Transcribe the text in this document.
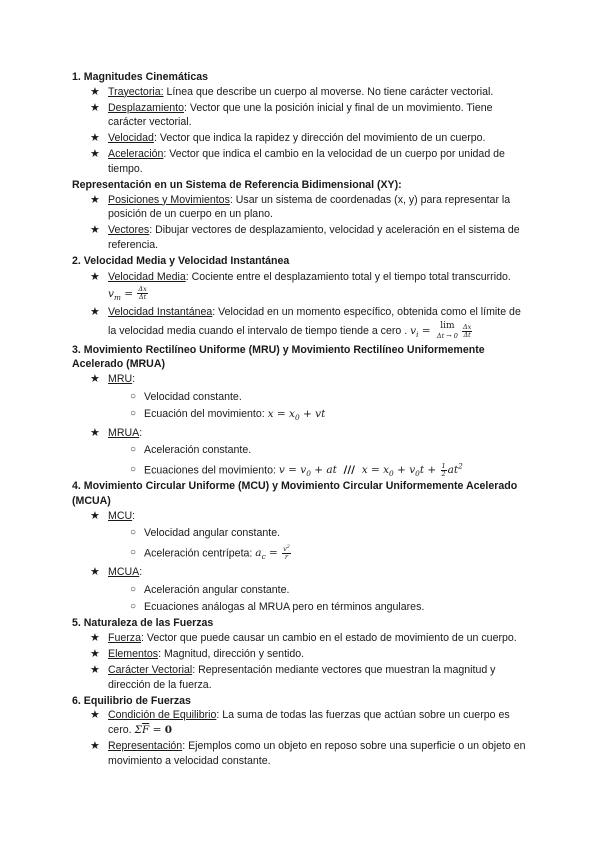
1. Magnitudes Cinemáticas
★ Trayectoria: Línea que describe un cuerpo al moverse. No tiene carácter vectorial.
★ Desplazamiento: Vector que une la posición inicial y final de un movimiento. Tiene carácter vectorial.
★ Velocidad: Vector que indica la rapidez y dirección del movimiento de un cuerpo.
★ Aceleración: Vector que indica el cambio en la velocidad de un cuerpo por unidad de tiempo.
Representación en un Sistema de Referencia Bidimensional (XY):
★ Posiciones y Movimientos: Usar un sistema de coordenadas (x, y) para representar la posición de un cuerpo en un plano.
★ Vectores: Dibujar vectores de desplazamiento, velocidad y aceleración en el sistema de referencia.
2. Velocidad Media y Velocidad Instantánea
★ Velocidad Media: Cociente entre el desplazamiento total y el tiempo total transcurrido. $v_m = \frac{\Delta x}{\Delta t}$
★ Velocidad Instantánea: Velocidad en un momento específico, obtenida como el límite de la velocidad media cuando el intervalo de tiempo tiende a cero . $v_i = \lim$
$\Delta t \to 0 \frac{\Delta x}{\Delta t}$
3. Movimiento Rectilíneo Uniforme (MRU) y Movimiento Rectilíneo Uniformemente Acelerado (MRUA)
★ MRU:
○ Velocidad constante.
○ Ecuación del movimiento: $x = x_0$ + vt
★ MRUA:
○ Aceleración constante.
○ Ecuaciones del movimiento: $v = v_0$ + at  ///  $x = x_0 + v_0t + \frac{1}{2} at^2$
4. Movimiento Circular Uniforme (MCU) y Movimiento Circular Uniformemente Acelerado (MCUA)
★ MCU:
○ Velocidad angular constante.
○ Aceleración centrípeta: $a_c = \frac{v^2}{r}$
★ MCUA:
○ Aceleración angular constante.
○ Ecuaciones análogas al MRUA pero en términos angulares.
5. Naturaleza de las Fuerzas
★ Fuerza: Vector que puede causar un cambio en el estado de movimiento de un cuerpo.
★ Elementos: Magnitud, dirección y sentido.
★ Carácter Vectorial: Representación mediante vectores que muestran la magnitud y dirección de la fuerza.
6. Equilibrio de Fuerzas
★ Condición de Equilibrio: La suma de todas las fuerzas que actúan sobre un cuerpo es cero. $\Sigma\overline{F} = 0$
★ Representación: Ejemplos como un objeto en reposo sobre una superficie o un objeto en movimiento a velocidad constante.
